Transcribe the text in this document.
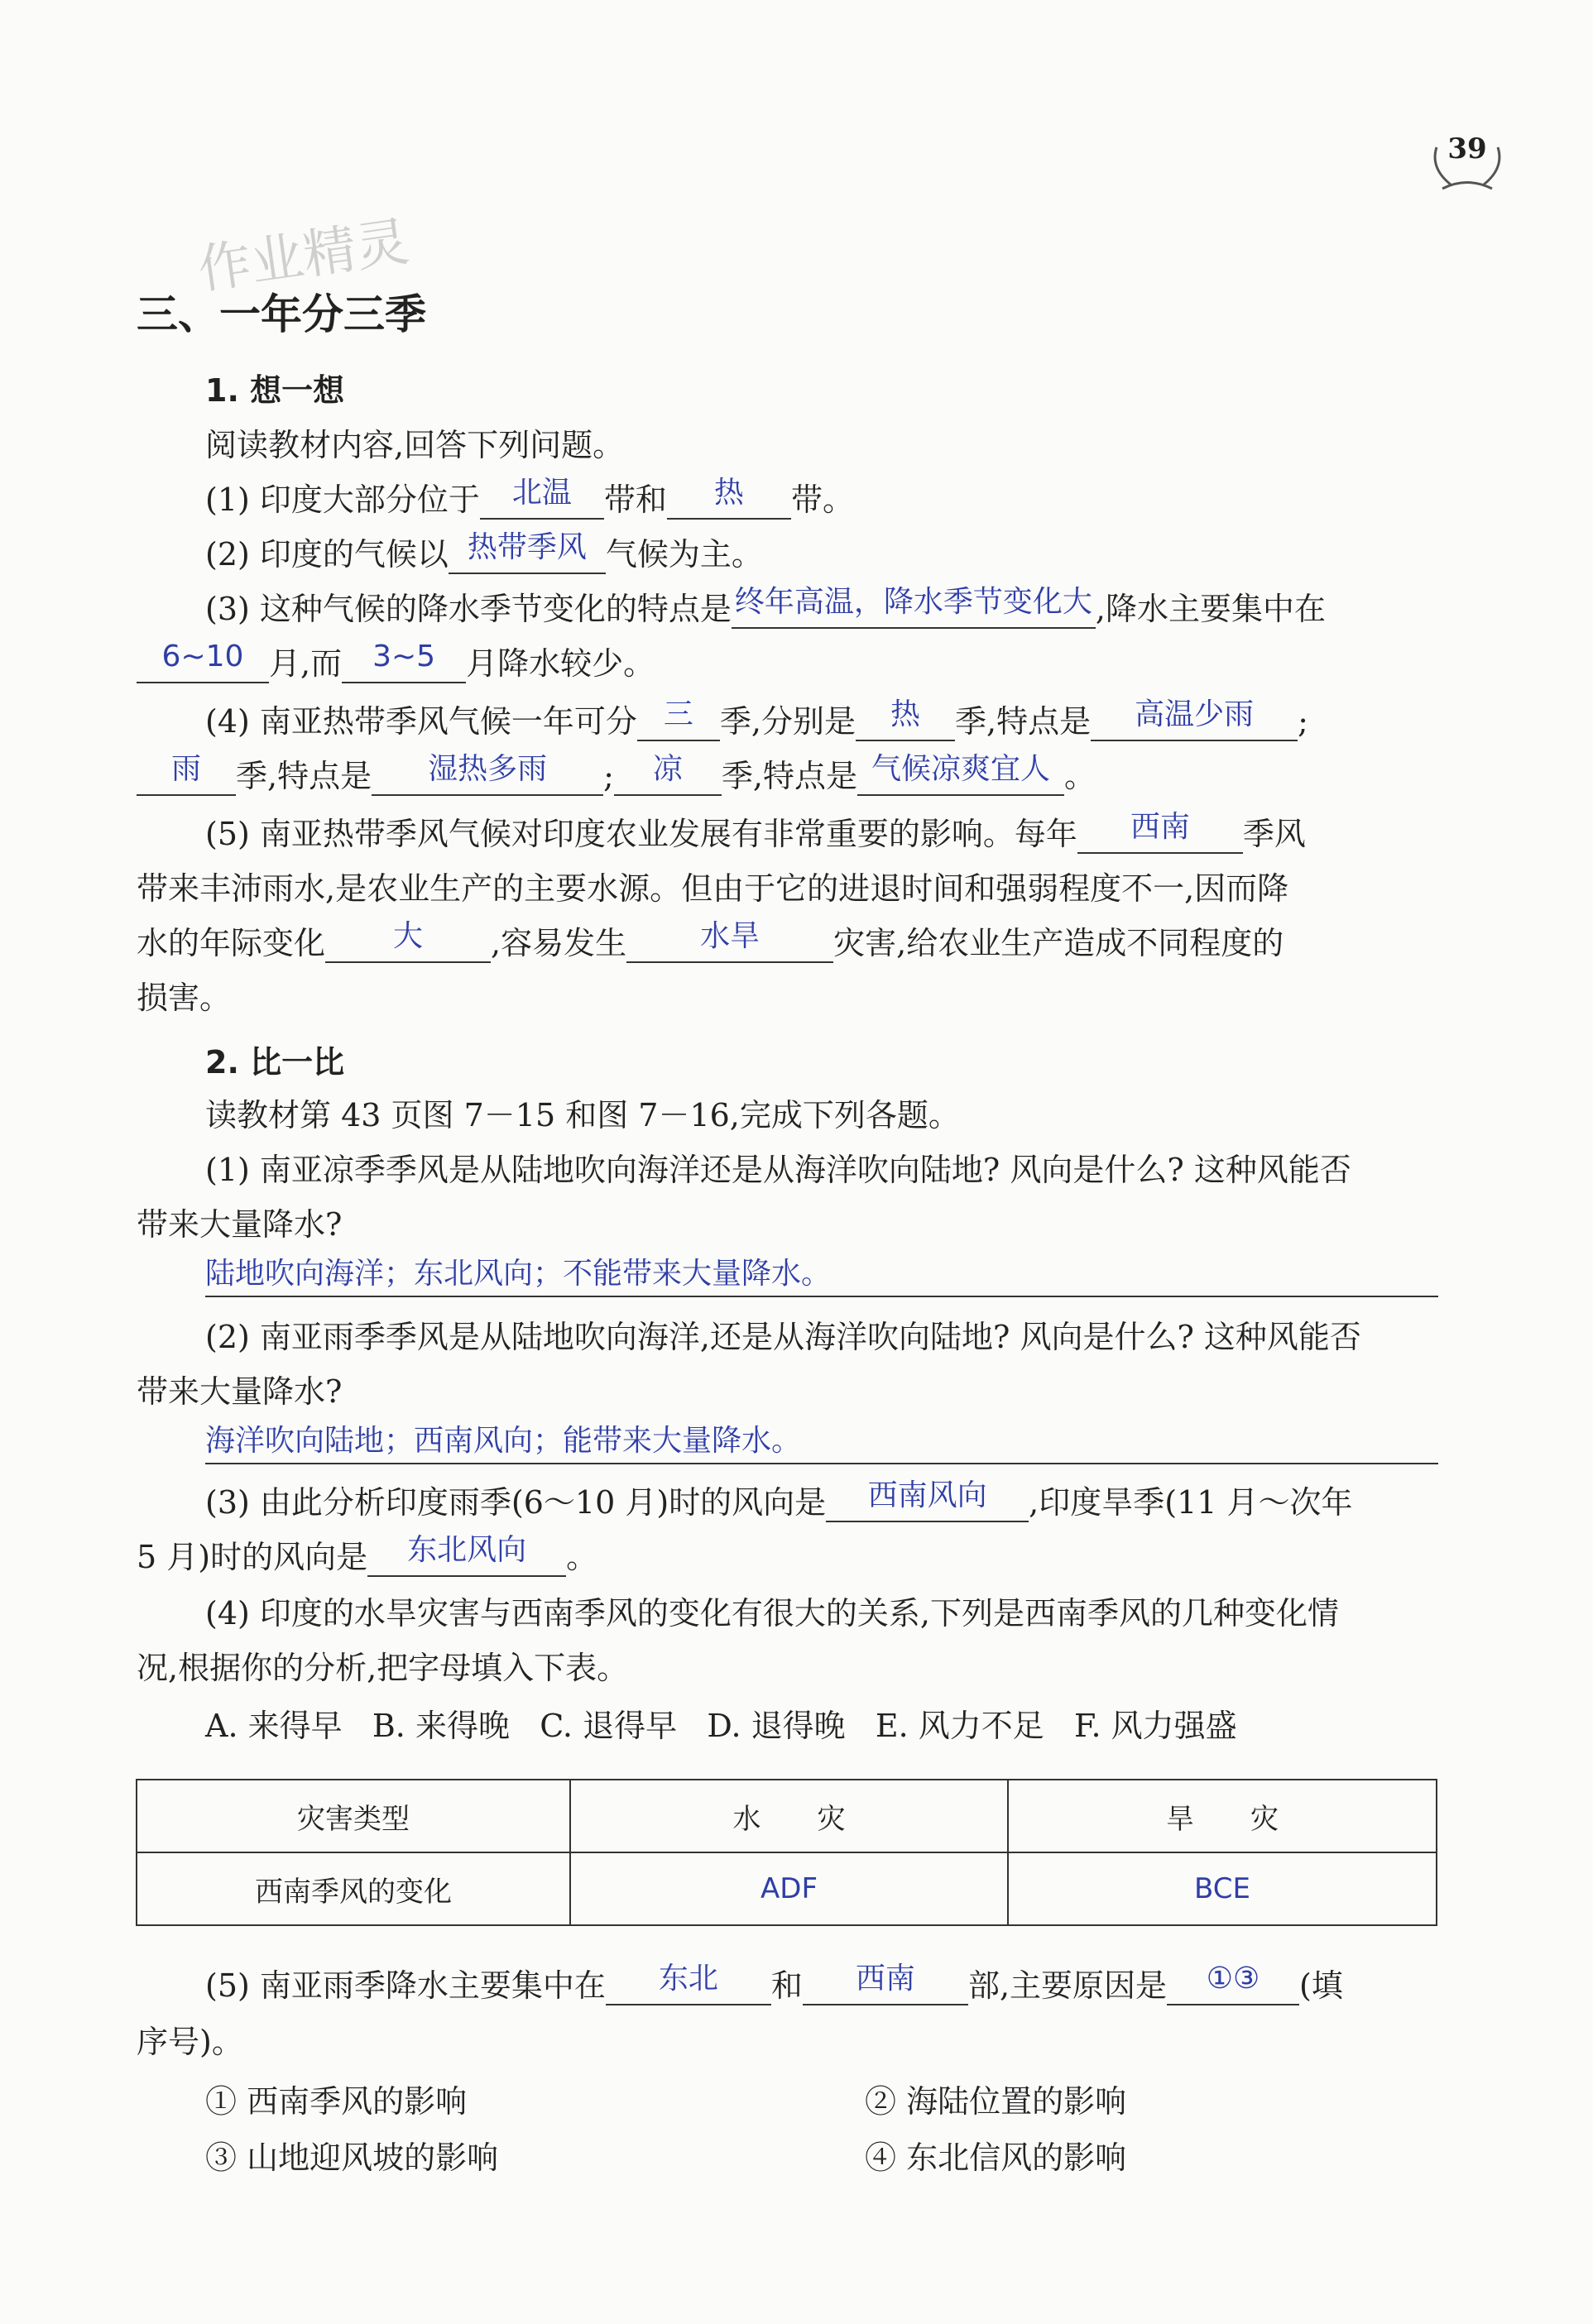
39
作业精灵
三、一年分三季
1. 想一想
阅读教材内容,回答下列问题。
(1) 印度大部分位于	北温	带和	热	带。
(2) 印度的气候以 热带季风 气候为主。
(3) 这种气候的降水季节变化的特点是 终年高温，降水季节变化大 ,降水主要集中在
6~10 月,而	3~5 月降水较少。
(4) 南亚热带季风气候一年可分 三 季,分别是	热	季,特点是	高温少雨	;
雨	季,特点是	湿热多雨	;	凉	季,特点是 气候凉爽宜人 。
(5) 南亚热带季风气候对印度农业发展有非常重要的影响。每年	西南	季风
带来丰沛雨水,是农业生产的主要水源。但由于它的进退时间和强弱程度不一,因而降
水的年际变化	大	,容易发生	水旱	灾害,给农业生产造成不同程度的
损害。
2. 比一比
读教材第 43 页图 7－15 和图 7－16,完成下列各题。
(1) 南亚凉季季风是从陆地吹向海洋还是从海洋吹向陆地? 风向是什么? 这种风能否
带来大量降水?
陆地吹向海洋；东北风向；不能带来大量降水。
(2) 南亚雨季季风是从陆地吹向海洋,还是从海洋吹向陆地? 风向是什么? 这种风能否
带来大量降水?
海洋吹向陆地；西南风向；能带来大量降水。
(3) 由此分析印度雨季(6～10 月)时的风向是	西南风向	,印度旱季(11 月～次年
5 月)时的风向是	东北风向	。
(4) 印度的水旱灾害与西南季风的变化有很大的关系,下列是西南季风的几种变化情
况,根据你的分析,把字母填入下表。
A. 来得早 B. 来得晚 C. 退得早 D. 退得晚 E. 风力不足 F. 风力强盛
灾害类型	水　　灾	旱　　灾
西南季风的变化	ADF	BCE
(5) 南亚雨季降水主要集中在	东北	和	西南	部,主要原因是	①③	(填
序号)。
① 西南季风的影响	② 海陆位置的影响
③ 山地迎风坡的影响	④ 东北信风的影响
